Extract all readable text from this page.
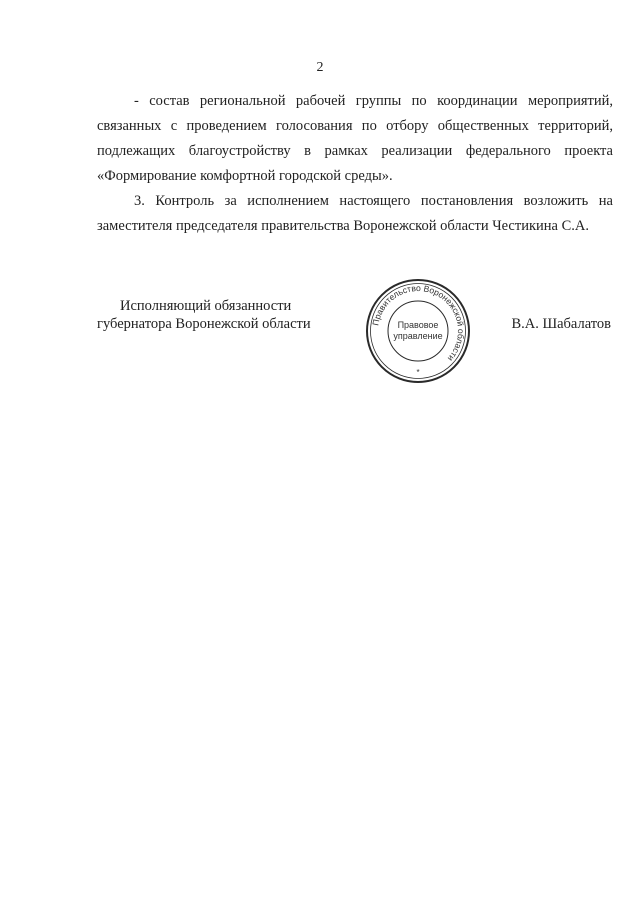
2

- состав региональной рабочей группы по координации мероприятий,
связанных с проведением голосования по отбору общественных территорий,
подлежащих благоустройству в рамках реализации федерального проекта
«Формирование комфортной городской среды».

3. Контроль за исполнением настоящего постановления возложить на
заместителя председателя правительства Воронежской области Честикина С.А.

Исполняющий обязанности
губернатора Воронежской области	Правительство Воронежской области
Правовое
управление
*
В.А. Шабалатов
